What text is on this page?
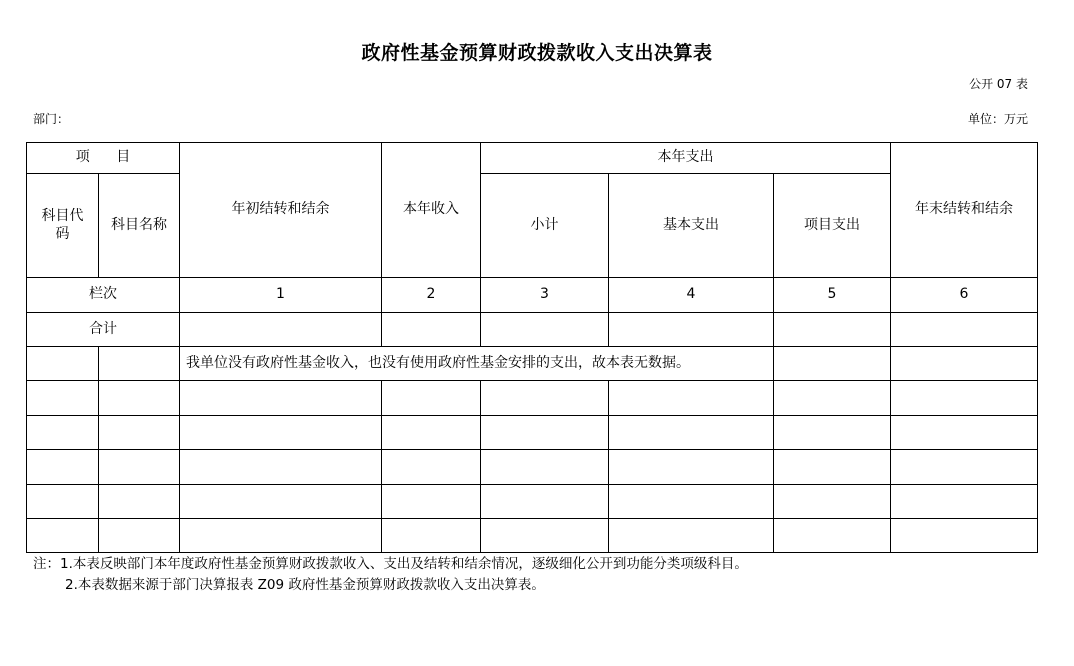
政府性基金预算财政拨款收入支出决算表
公开 07 表
部门：	单位：万元
项 目		年初结转和结余	本年收入	本年支出			年末结转和结余
科目代码	科目名称			小计	基本支出	项目支出	
栏次		1	2	3	4	5	6
合计							
		我单位没有政府性基金收入，也没有使用政府性基金安排的支出，故本表无数据。					

注：1.本表反映部门本年度政府性基金预算财政拨款收入、支出及结转和结余情况，逐级细化公开到功能分类项级科目。
2.本表数据来源于部门决算报表 Z09 政府性基金预算财政拨款收入支出决算表。
